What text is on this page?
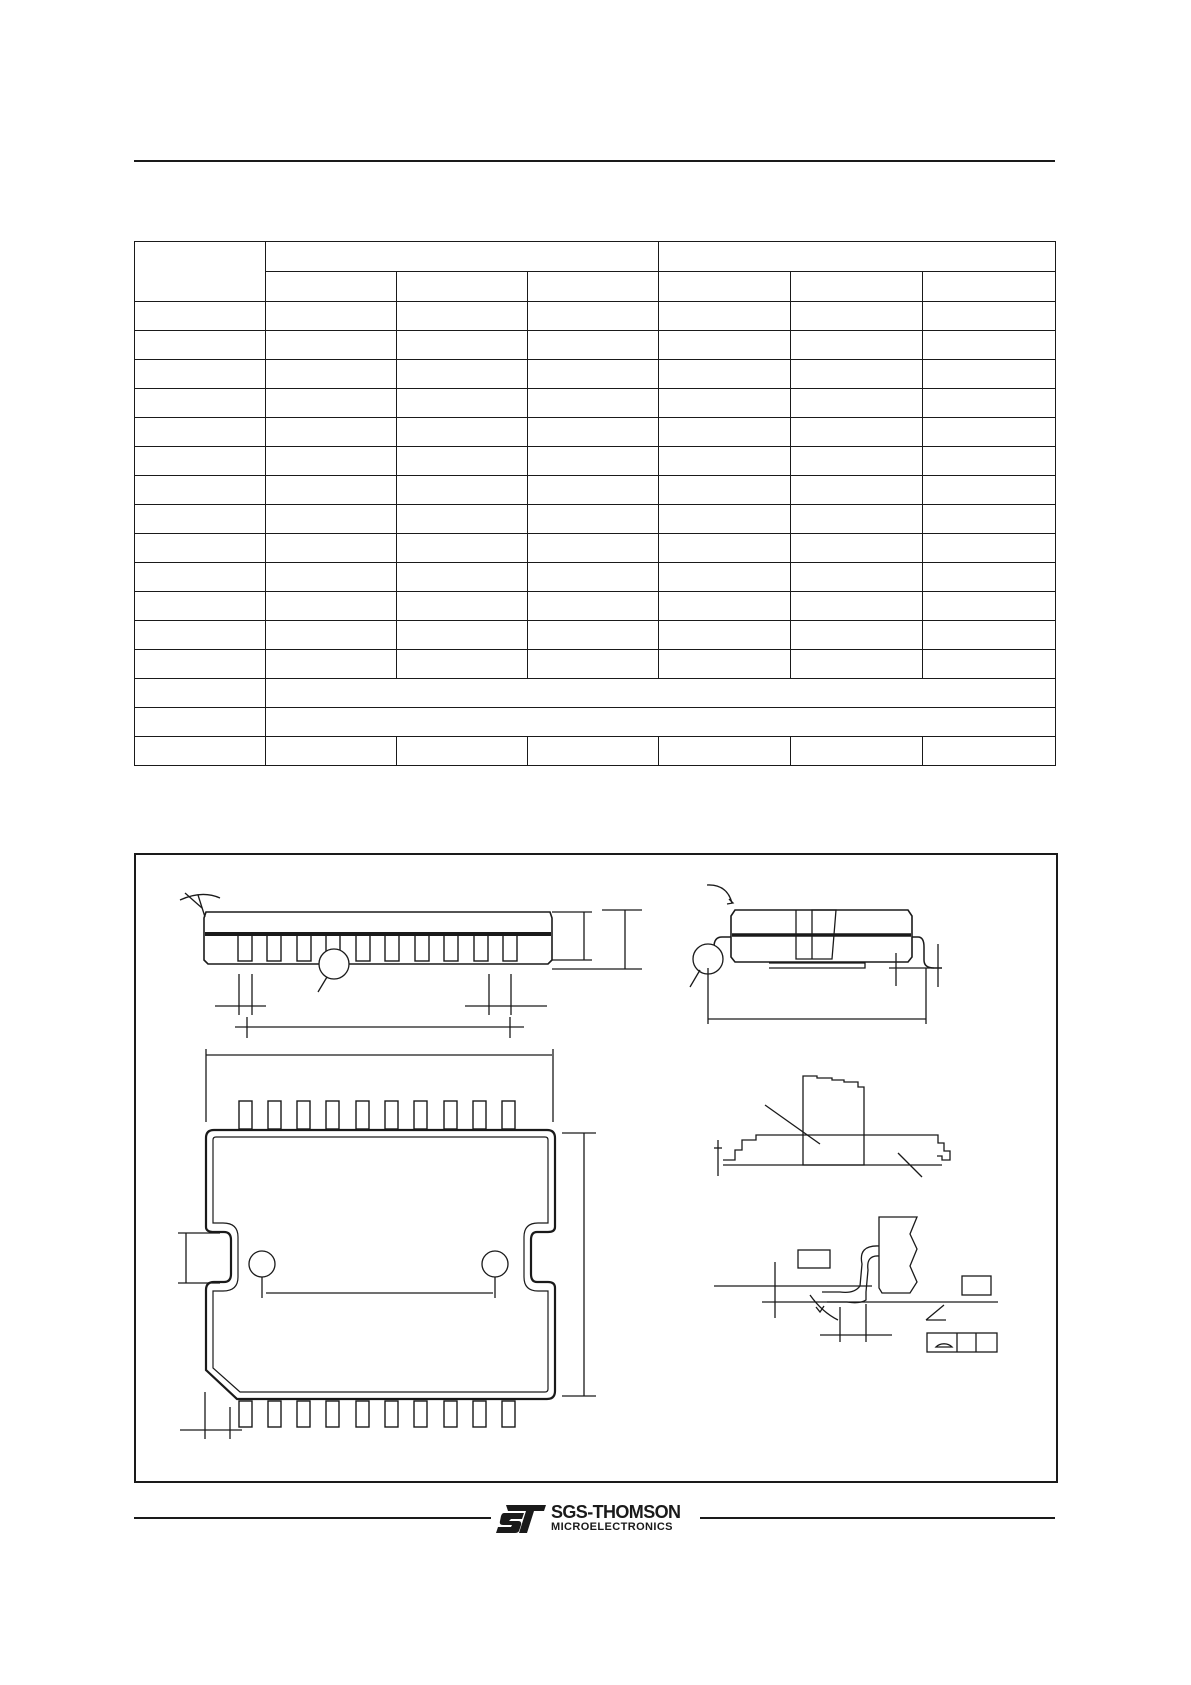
SGS-THOMSON
MICROELECTRONICS
